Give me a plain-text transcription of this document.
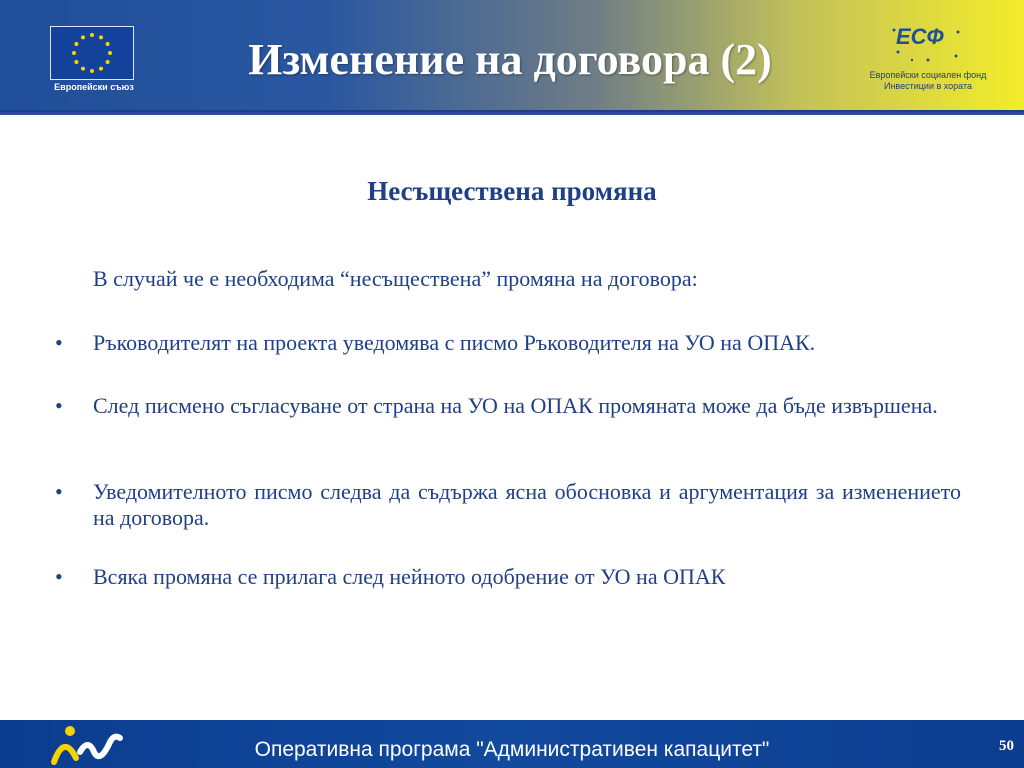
Европейски съюз
Изменение на договора (2)	ЕСФ
Европейски социален фонд
Инвестиции в хората
Несъществена промяна
В случай че е необходима “несъществена” промяна на договора:
•	Ръководителят на проекта уведомява с писмо Ръководителя на УО на ОПАК.
•	След писмено съгласуване от страна на УО на ОПАК промяната може да бъде извършена.
•	Уведомителното писмо следва да съдържа ясна обосновка и аргументация за изменението на договора.
•	Всяка промяна се прилага след нейното одобрение от УО на ОПАК
Оперативна програма "Административен капацитет"	50
